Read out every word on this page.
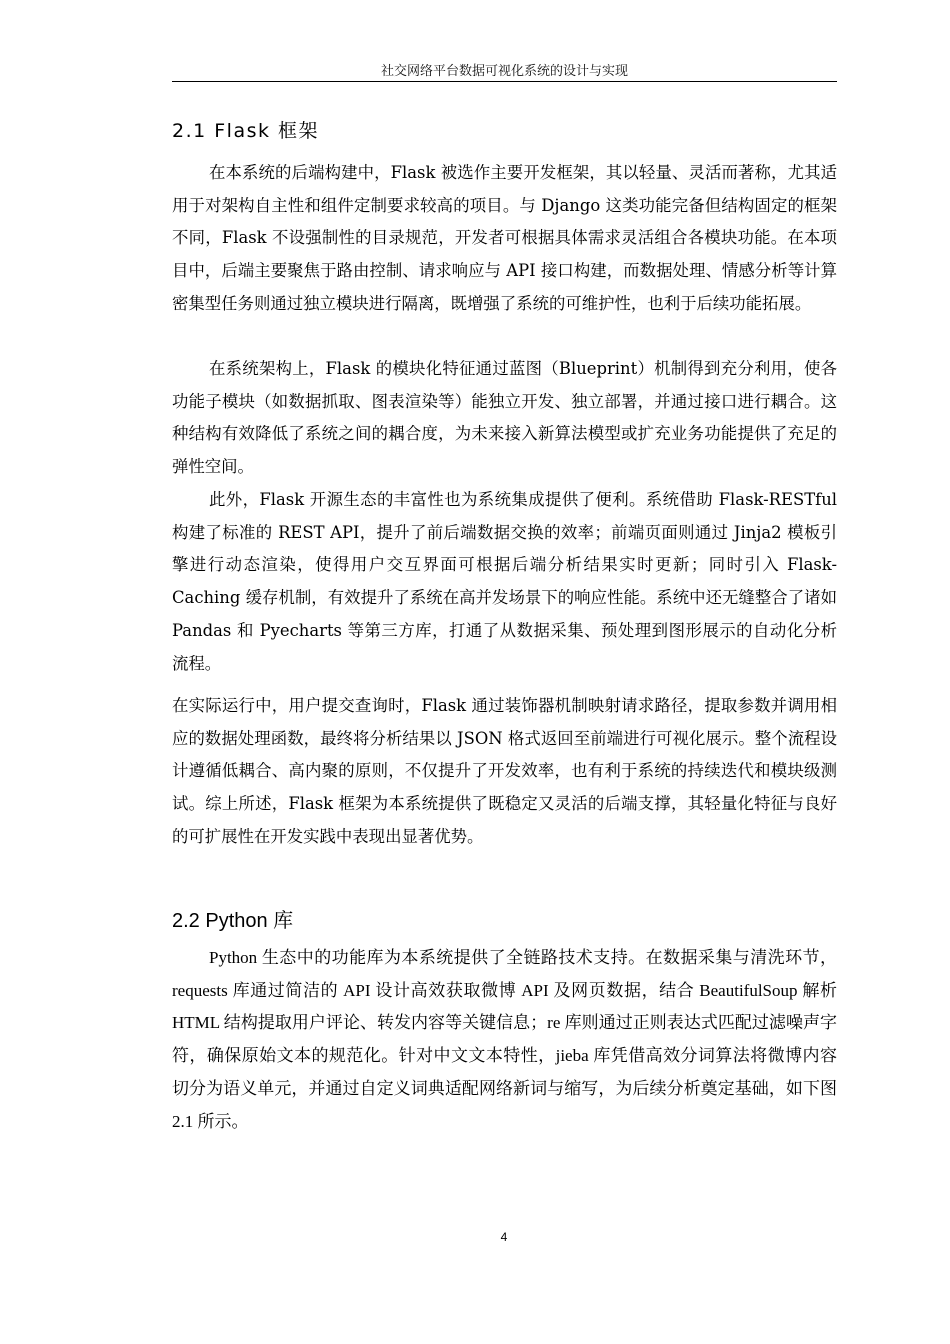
社交网络平台数据可视化系统的设计与实现
2.1 Flask 框架

在本系统的后端构建中，Flask 被选作主要开发框架，其以轻量、灵活而著称，尤其适用于对架构自主性和组件定制要求较高的项目。与 Django 这类功能完备但结构固定的框架不同，Flask 不设强制性的目录规范，开发者可根据具体需求灵活组合各模块功能。在本项目中，后端主要聚焦于路由控制、请求响应与 API 接口构建，而数据处理、情感分析等计算密集型任务则通过独立模块进行隔离，既增强了系统的可维护性，也利于后续功能拓展。

在系统架构上，Flask 的模块化特征通过蓝图（Blueprint）机制得到充分利用，使各功能子模块（如数据抓取、图表渲染等）能独立开发、独立部署，并通过接口进行耦合。这种结构有效降低了系统之间的耦合度，为未来接入新算法模型或扩充业务功能提供了充足的弹性空间。

此外，Flask 开源生态的丰富性也为系统集成提供了便利。系统借助 Flask-RESTful 构建了标准的 REST API，提升了前后端数据交换的效率；前端页面则通过 Jinja2 模板引擎进行动态渲染，使得用户交互界面可根据后端分析结果实时更新；同时引入 Flask-Caching 缓存机制，有效提升了系统在高并发场景下的响应性能。系统中还无缝整合了诸如 Pandas 和 Pyecharts 等第三方库，打通了从数据采集、预处理到图形展示的自动化分析流程。

在实际运行中，用户提交查询时，Flask 通过装饰器机制映射请求路径，提取参数并调用相应的数据处理函数，最终将分析结果以 JSON 格式返回至前端进行可视化展示。整个流程设计遵循低耦合、高内聚的原则，不仅提升了开发效率，也有利于系统的持续迭代和模块级测试。综上所述，Flask 框架为本系统提供了既稳定又灵活的后端支撑，其轻量化特征与良好的可扩展性在开发实践中表现出显著优势。

2.2 Python 库

Python 生态中的功能库为本系统提供了全链路技术支持。在数据采集与清洗环节，requests 库通过简洁的 API 设计高效获取微博 API 及网页数据，结合 BeautifulSoup 解析 HTML 结构提取用户评论、转发内容等关键信息；re 库则通过正则表达式匹配过滤噪声字符，确保原始文本的规范化。针对中文文本特性，jieba 库凭借高效分词算法将微博内容切分为语义单元，并通过自定义词典适配网络新词与缩写，为后续分析奠定基础，如下图 2.1 所示。

4
